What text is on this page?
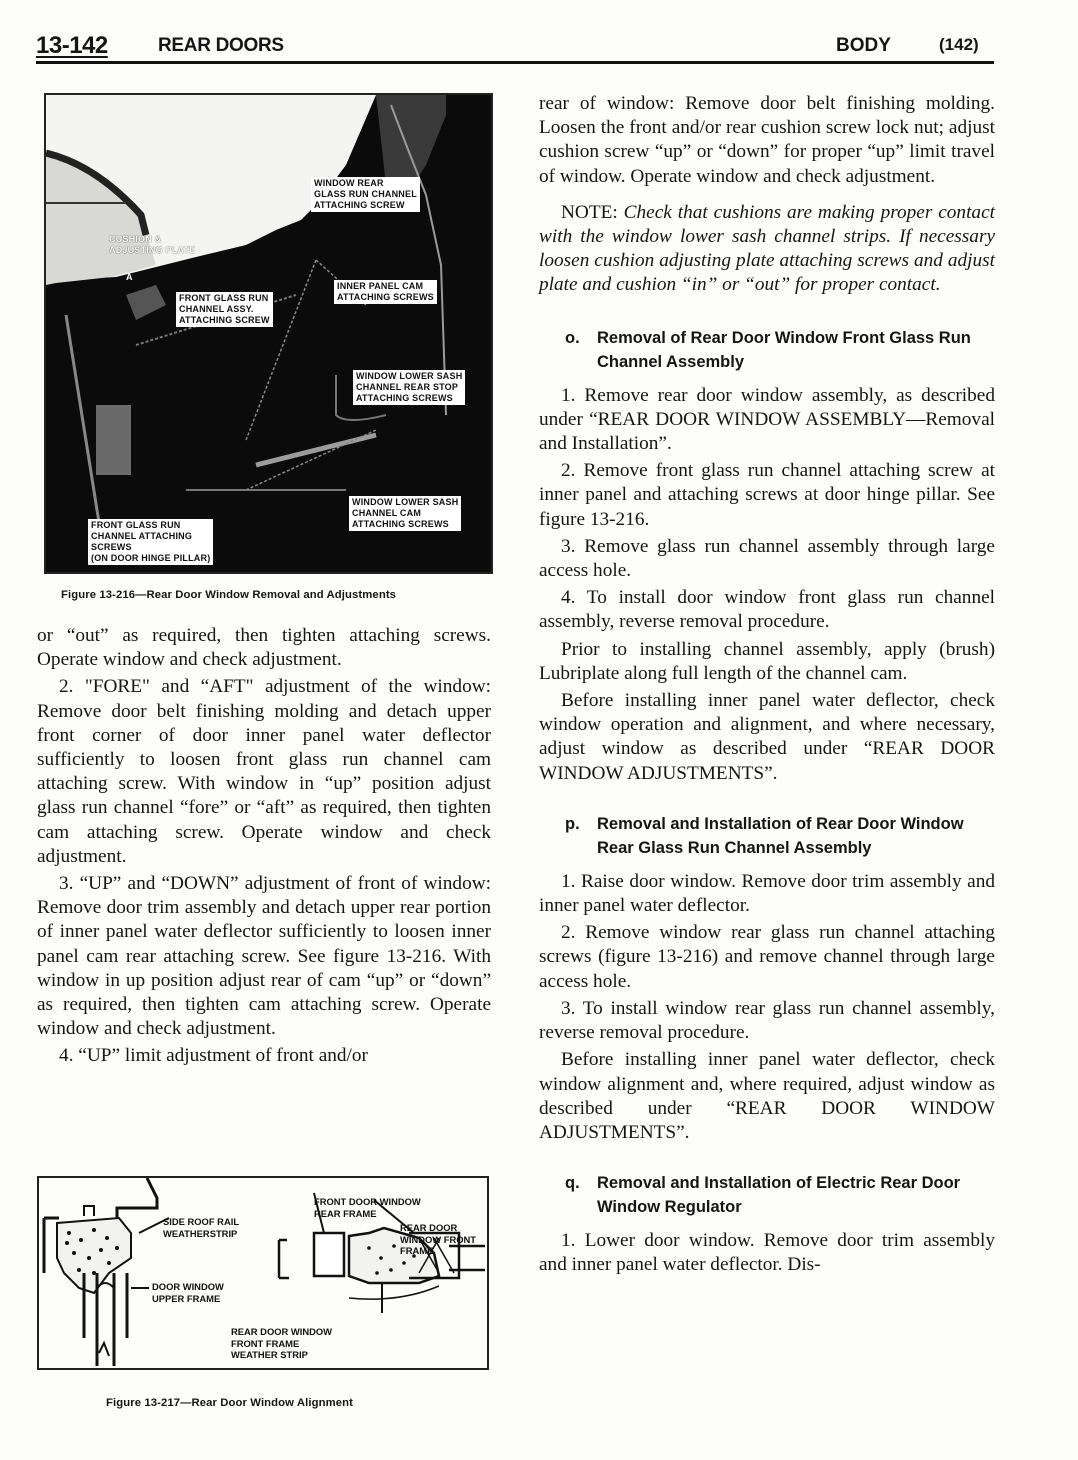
13-142	REAR DOORS	BODY	(142)
WINDOW REAR
GLASS RUN CHANNEL
ATTACHING SCREW
CUSHION &
ADJUSTING PLATE
A
FRONT GLASS RUN
CHANNEL ASSY.
ATTACHING SCREW
INNER PANEL CAM
ATTACHING SCREWS
WINDOW LOWER SASH
CHANNEL REAR STOP
ATTACHING SCREWS
WINDOW LOWER SASH
CHANNEL CAM
ATTACHING SCREWS
FRONT GLASS RUN
CHANNEL ATTACHING
SCREWS
(ON DOOR HINGE PILLAR)
Figure 13-216—Rear Door Window Removal and Adjustments

or “out” as required, then tighten attaching screws. Operate window and check adjustment.

2. "FORE" and “AFT" adjustment of the window: Remove door belt finishing molding and detach upper front corner of door inner panel water deflector sufficiently to loosen front glass run channel cam attaching screw. With window in “up” position adjust glass run channel “fore” or “aft” as required, then tighten cam attaching screw. Operate window and check adjustment.

3. “UP” and “DOWN” adjustment of front of window: Remove door trim assembly and detach upper rear portion of inner panel water deflector sufficiently to loosen inner panel cam rear attaching screw. See figure 13-216. With window in up position adjust rear of cam “up” or “down” as required, then tighten cam attaching screw. Operate window and check adjustment.

4. “UP” limit adjustment of front and/or

SIDE ROOF RAIL
WEATHERSTRIP
DOOR WINDOW
UPPER FRAME
FRONT DOOR WINDOW
REAR FRAME
REAR DOOR
WINDOW FRONT
FRAME
REAR DOOR WINDOW
FRONT FRAME
WEATHER STRIP
Figure 13-217—Rear Door Window Alignment

rear of window: Remove door belt finishing molding. Loosen the front and/or rear cushion screw lock nut; adjust cushion screw “up” or “down” for proper “up” limit travel of window. Operate window and check adjustment.

NOTE: Check that cushions are making proper contact with the window lower sash channel strips. If necessary loosen cushion adjusting plate attaching screws and adjust plate and cushion “in” or “out” for proper contact.

o. Removal of Rear Door Window Front Glass Run Channel Assembly

1. Remove rear door window assembly, as described under “REAR DOOR WINDOW ASSEMBLY—Removal and Installation”.

2. Remove front glass run channel attaching screw at inner panel and attaching screws at door hinge pillar. See figure 13-216.

3. Remove glass run channel assembly through large access hole.

4. To install door window front glass run channel assembly, reverse removal procedure.

Prior to installing channel assembly, apply (brush) Lubriplate along full length of the channel cam.

Before installing inner panel water deflector, check window operation and alignment, and where necessary, adjust window as described under “REAR DOOR WINDOW ADJUSTMENTS”.

p. Removal and Installation of Rear Door Window Rear Glass Run Channel Assembly

1. Raise door window. Remove door trim assembly and inner panel water deflector.

2. Remove window rear glass run channel attaching screws (figure 13-216) and remove channel through large access hole.

3. To install window rear glass run channel assembly, reverse removal procedure.

Before installing inner panel water deflector, check window alignment and, where required, adjust window as described under “REAR DOOR WINDOW ADJUSTMENTS”.

q. Removal and Installation of Electric Rear Door Window Regulator

1. Lower door window. Remove door trim assembly and inner panel water deflector. Dis-
